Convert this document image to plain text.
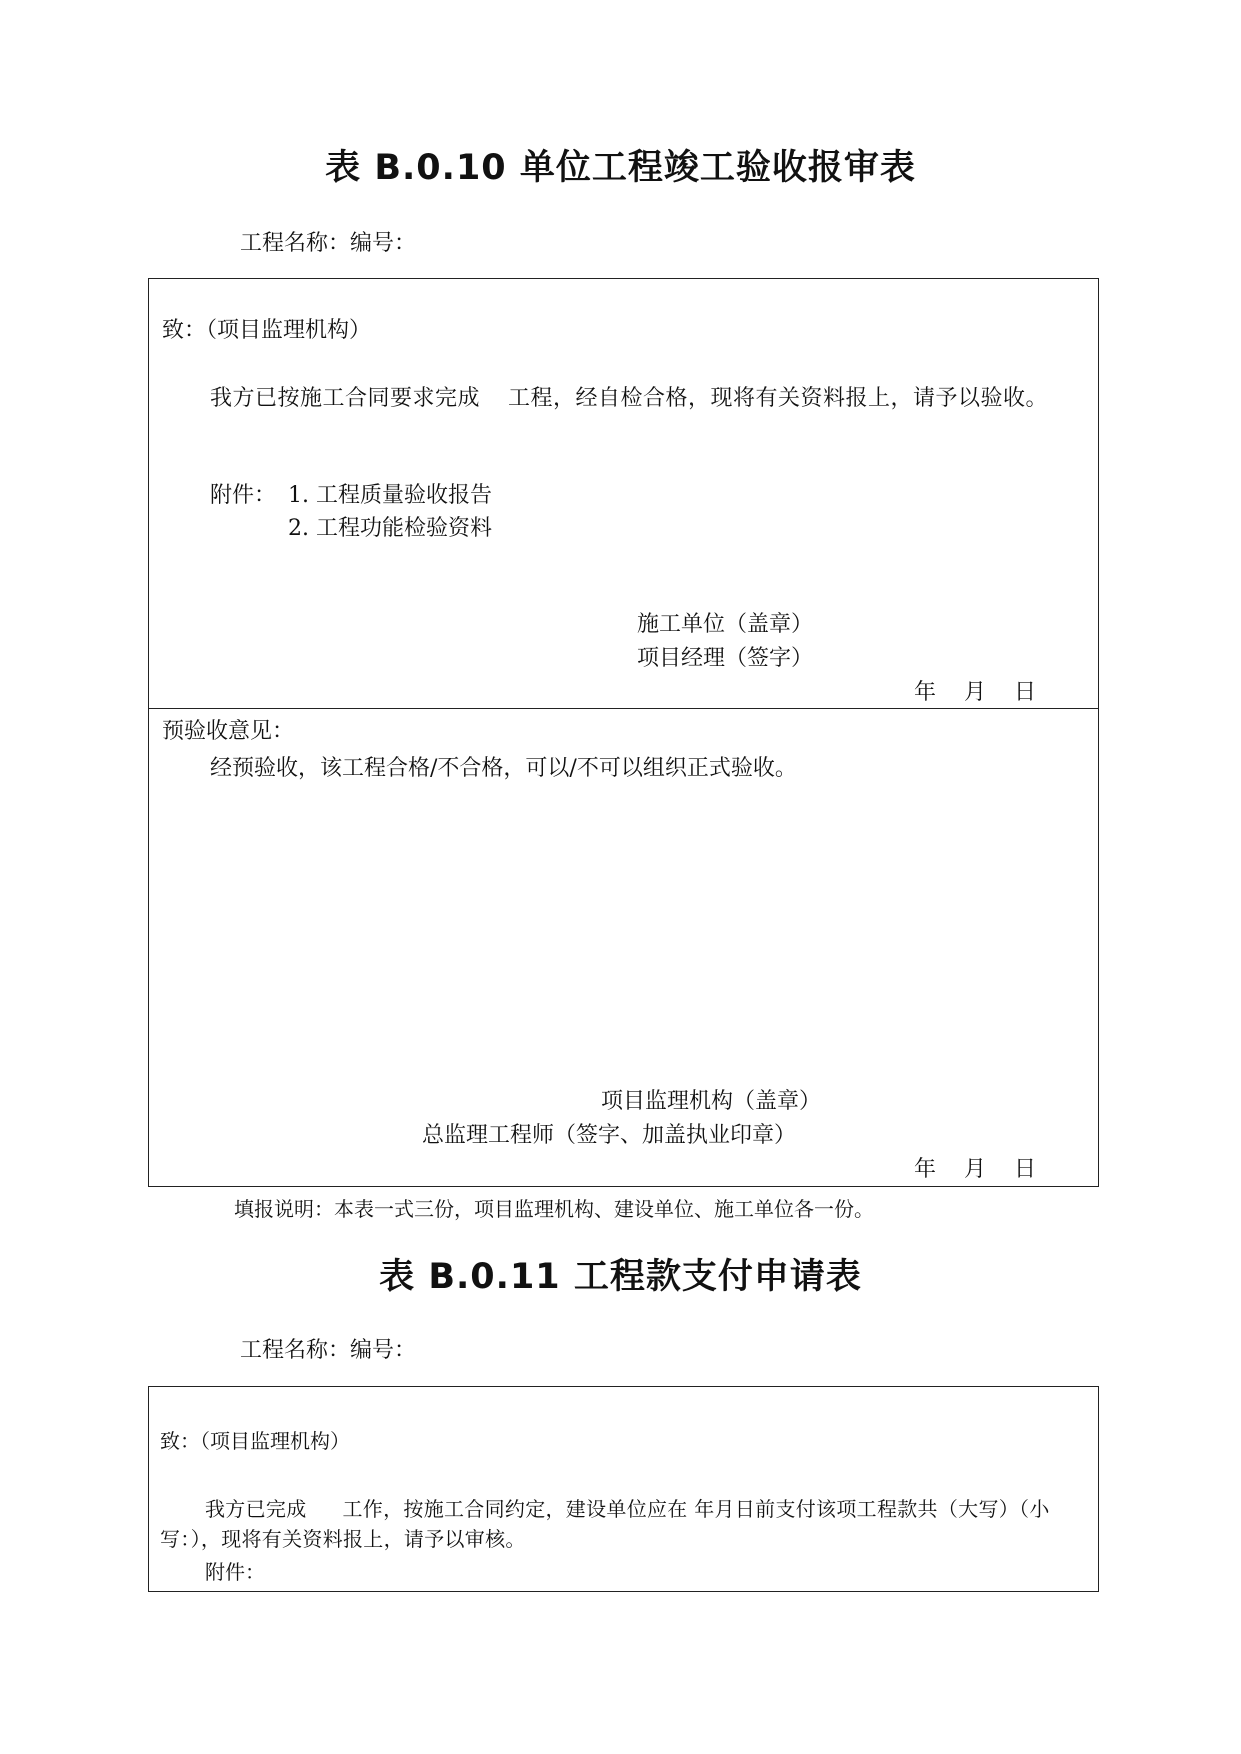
表 B.0.10 单位工程竣工验收报审表
工程名称：编号：
致：（项目监理机构）
我方已按施工合同要求完成 工程，经自检合格，现将有关资料报上，请予以验收。
附件： 1. 工程质量验收报告
2. 工程功能检验资料
施工单位（盖章）
项目经理（签字）
年    月    日
预验收意见：
经预验收，该工程合格/不合格，可以/不可以组织正式验收。
项目监理机构（盖章）
总监理工程师（签字、加盖执业印章）
年    月    日
填报说明：本表一式三份，项目监理机构、建设单位、施工单位各一份。
表 B.0.11 工程款支付申请表
工程名称：编号：
致：（项目监理机构）
我方已完成 工作，按施工合同约定，建设单位应在 年月日前支付该项工程款共（大写）（小写：），现将有关资料报上，请予以审核。
附件：
